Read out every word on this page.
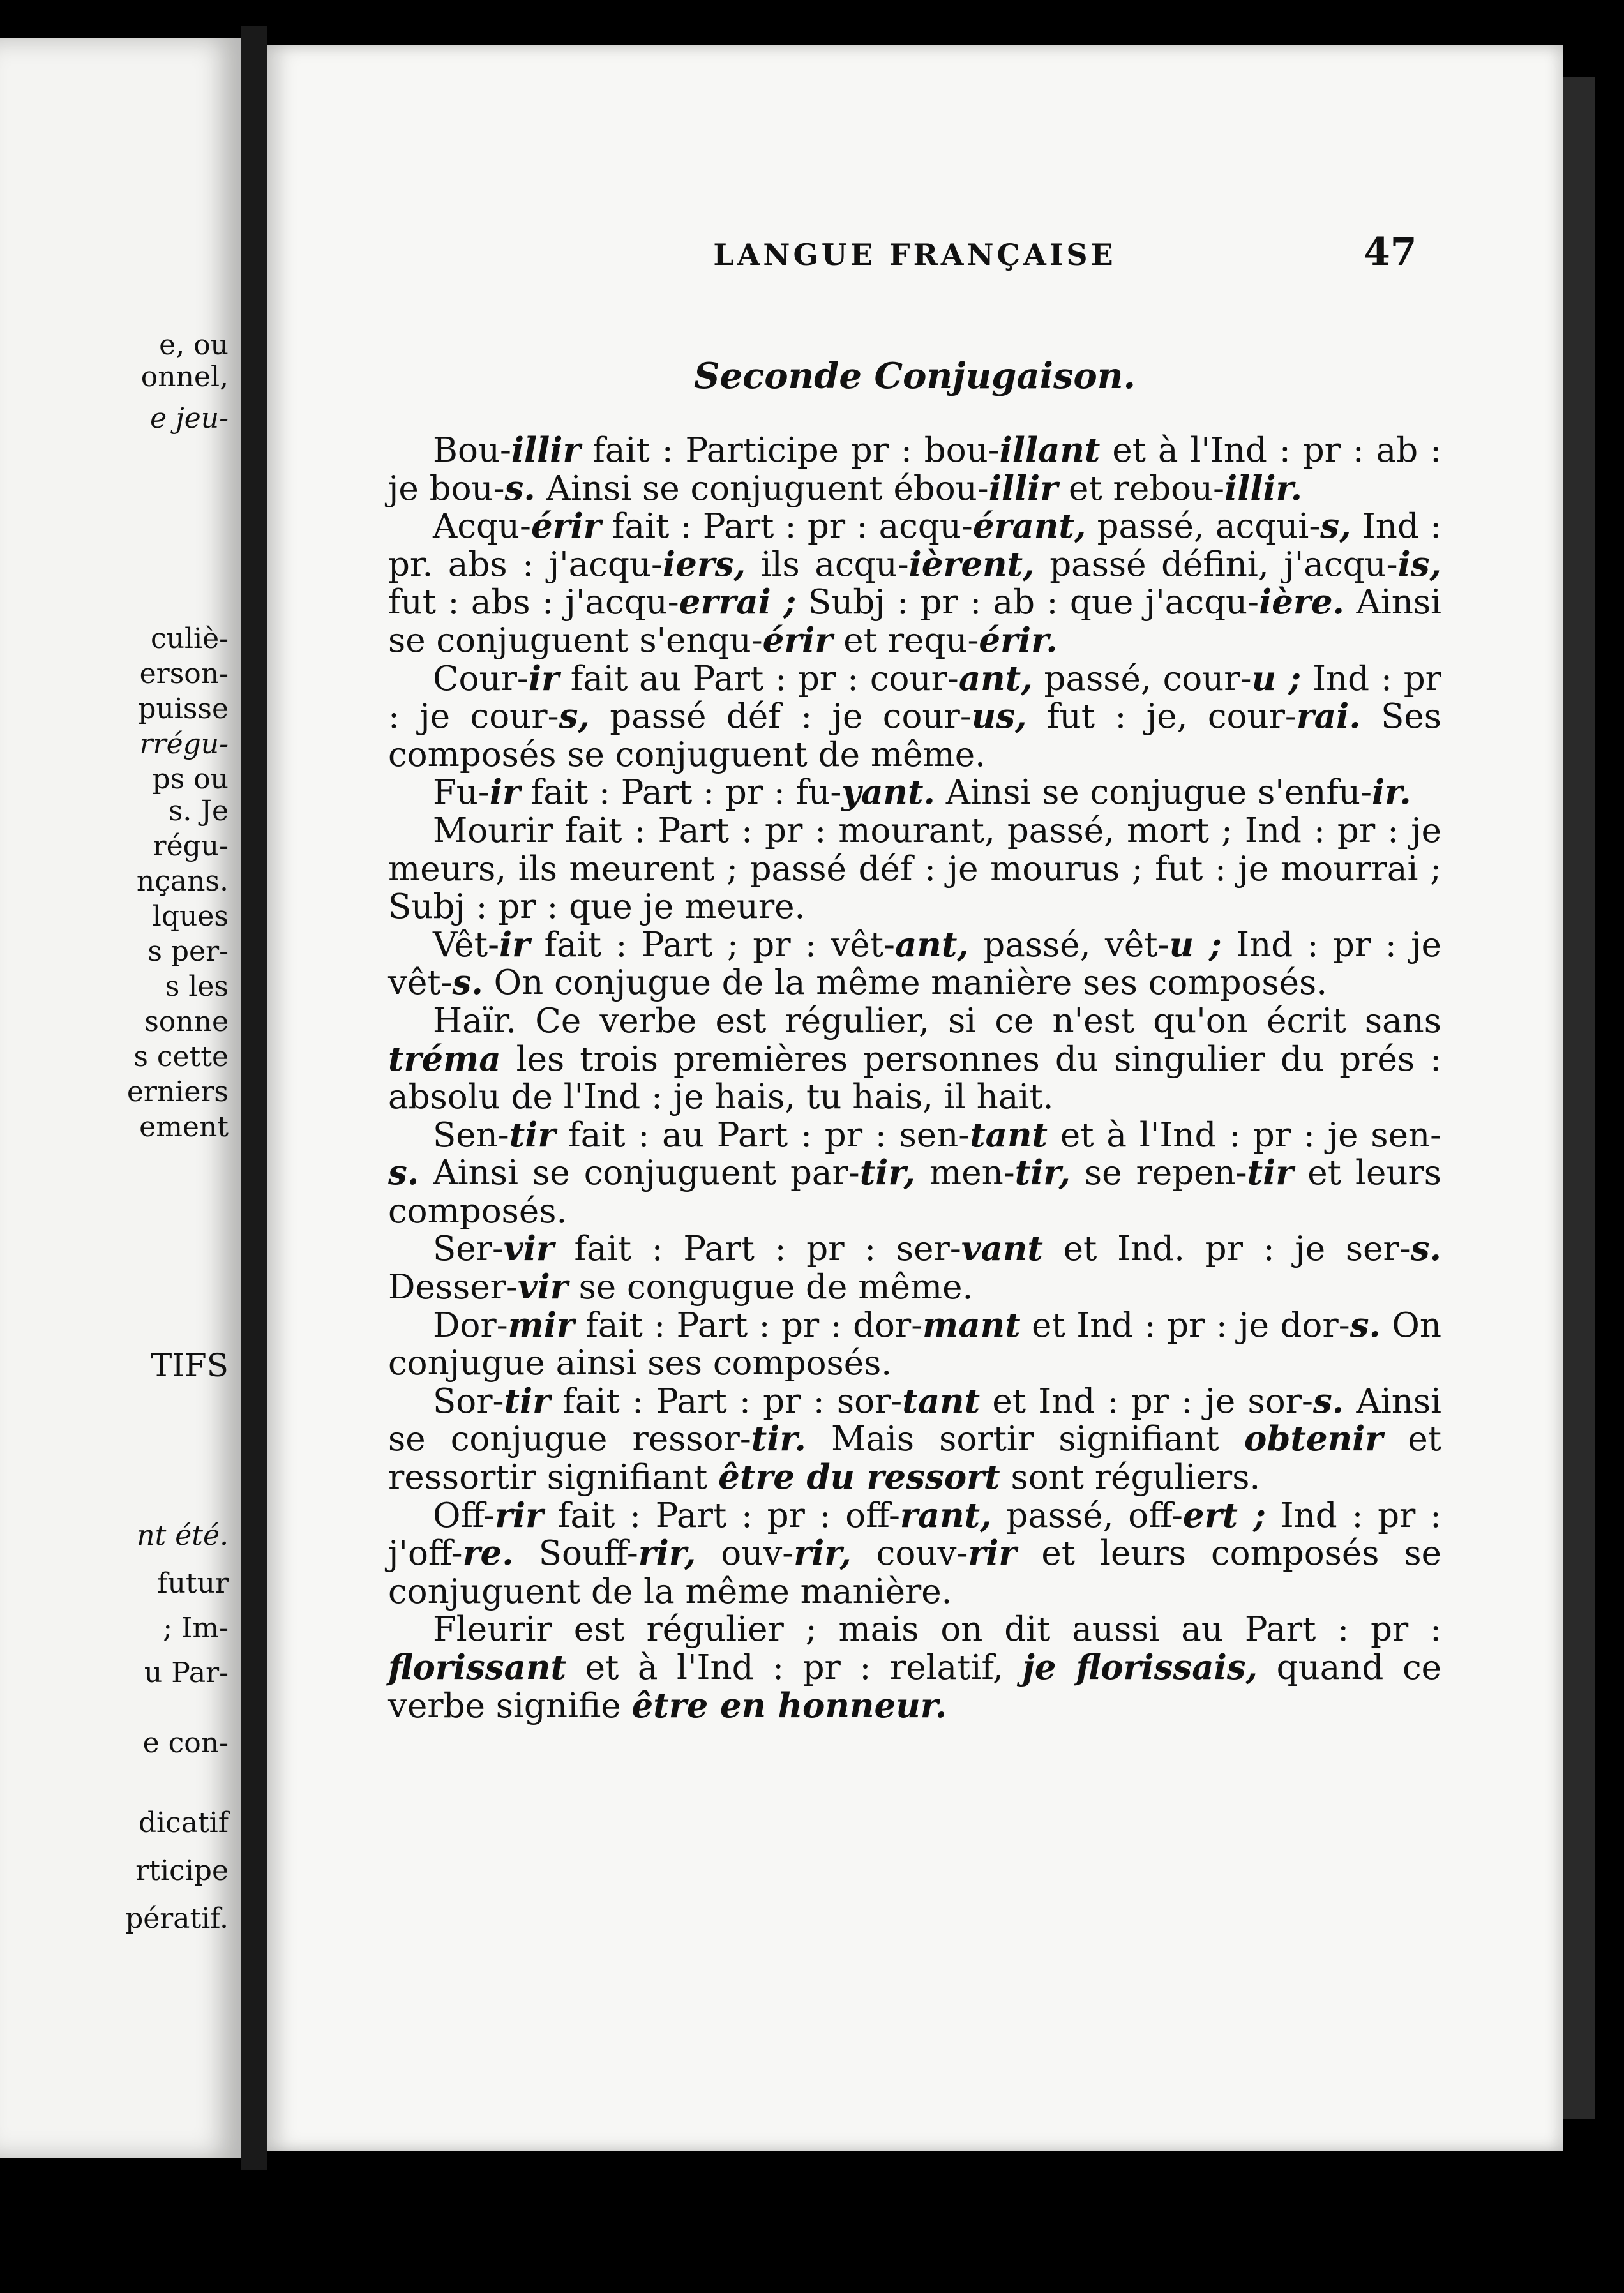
e, ou
onnel,
e jeu-
culiè-
erson-
puisse
rrégu-
ps ou
s. Je
régu-
nçans.
lques
s per-
s les
sonne
s cette
erniers
ement
TIFS
nt été.
futur
; Im-
u Par-
e con-
dicatif
rticipe
pératif.
LANGUE FRANÇAISE	47
Seconde Conjugaison.

Bou-illir fait : Participe pr : bou-illant et à l'Ind : pr : ab : je bou-s. Ainsi se conjuguent ébou-illir et rebou-illir.

Acqu-érir fait : Part : pr : acqu-érant, passé, acqui-s, Ind : pr. abs : j'acqu-iers, ils acqu-ièrent, passé défini, j'acqu-is, fut : abs : j'acqu-errai ; Subj : pr : ab : que j'acqu-ière. Ainsi se conjuguent s'enqu-érir et requ-érir.

Cour-ir fait au Part : pr : cour-ant, passé, cour-u ; Ind : pr : je cour-s, passé déf : je cour-us, fut : je, cour-rai. Ses composés se conjuguent de même.

Fu-ir fait : Part : pr : fu-yant. Ainsi se conjugue s'enfu-ir.

Mourir fait : Part : pr : mourant, passé, mort ; Ind : pr : je meurs, ils meurent ; passé déf : je mourus ; fut : je mourrai ; Subj : pr : que je meure.

Vêt-ir fait : Part ; pr : vêt-ant, passé, vêt-u ; Ind : pr : je vêt-s. On conjugue de la même manière ses composés.

Haïr. Ce verbe est régulier, si ce n'est qu'on écrit sans tréma les trois premières personnes du singulier du prés : absolu de l'Ind : je hais, tu hais, il hait.

Sen-tir fait : au Part : pr : sen-tant et à l'Ind : pr : je sen-s. Ainsi se conjuguent par-tir, men-tir, se repen-tir et leurs composés.

Ser-vir fait : Part : pr : ser-vant et Ind. pr : je ser-s. Desser-vir se congugue de même.

Dor-mir fait : Part : pr : dor-mant et Ind : pr : je dor-s. On conjugue ainsi ses composés.

Sor-tir fait : Part : pr : sor-tant et Ind : pr : je sor-s. Ainsi se conjugue ressor-tir. Mais sortir signifiant obtenir et ressortir signifiant être du ressort sont réguliers.

Off-rir fait : Part : pr : off-rant, passé, off-ert ; Ind : pr : j'off-re. Souff-rir, ouv-rir, couv-rir et leurs composés se conjuguent de la même manière.

Fleurir est régulier ; mais on dit aussi au Part : pr : florissant et à l'Ind : pr : relatif, je florissais, quand ce verbe signifie être en honneur.
